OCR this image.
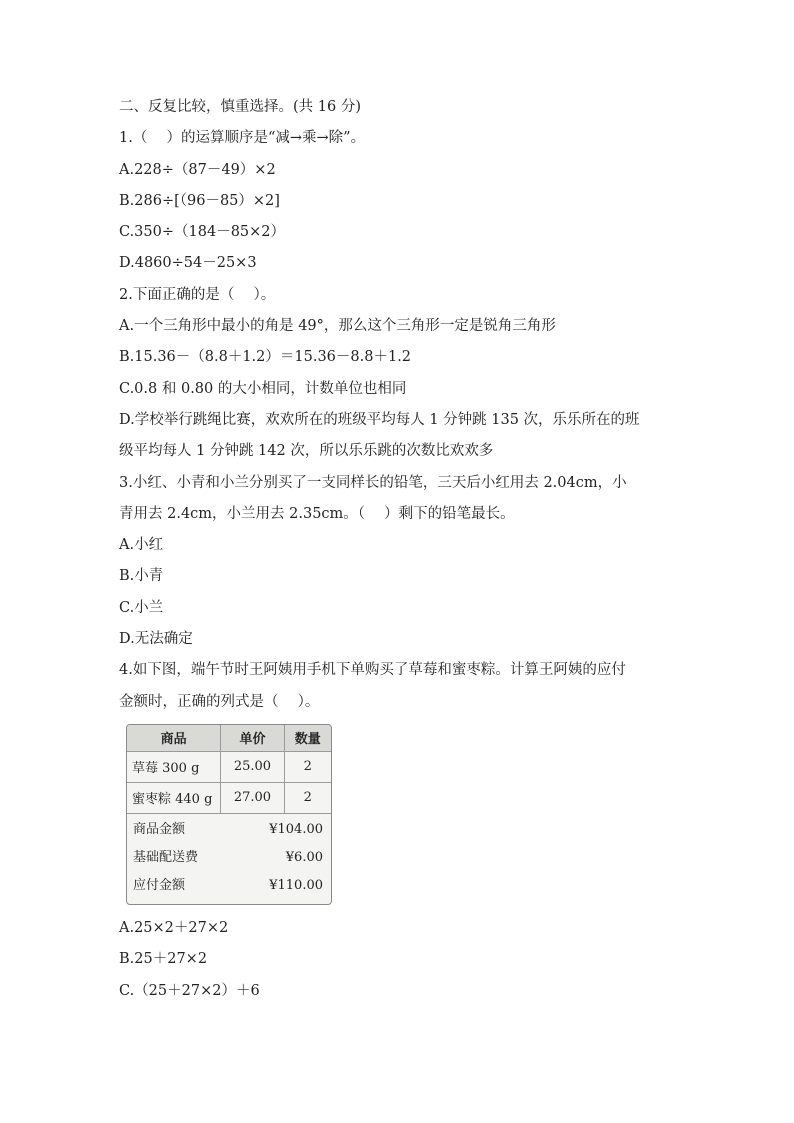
二、反复比较，慎重选择。(共 16 分)
1.（　 ）的运算顺序是“减→乘→除”。
A.228÷（87－49）×2
B.286÷[（96－85）×2]
C.350÷（184－85×2）
D.4860÷54－25×3
2.下面正确的是（　 ）。
A.一个三角形中最小的角是 49°，那么这个三角形一定是锐角三角形
B.15.36－（8.8＋1.2）＝15.36－8.8＋1.2
C.0.8 和 0.80 的大小相同，计数单位也相同
D.学校举行跳绳比赛，欢欢所在的班级平均每人 1 分钟跳 135 次，乐乐所在的班
级平均每人 1 分钟跳 142 次，所以乐乐跳的次数比欢欢多
3.小红、小青和小兰分别买了一支同样长的铅笔，三天后小红用去 2.04cm，小
青用去 2.4cm，小兰用去 2.35cm。（　 ）剩下的铅笔最长。
A.小红
B.小青
C.小兰
D.无法确定
4.如下图，端午节时王阿姨用手机下单购买了草莓和蜜枣粽。计算王阿姨的应付
金额时，正确的列式是（　 ）。
商品	单价	数量
草莓 300 g	25.00	2
蜜枣粽 440 g	27.00	2
商品金额	¥104.00
基础配送费	¥6.00
应付金额	¥110.00
A.25×2＋27×2
B.25＋27×2
C.（25＋27×2）＋6
